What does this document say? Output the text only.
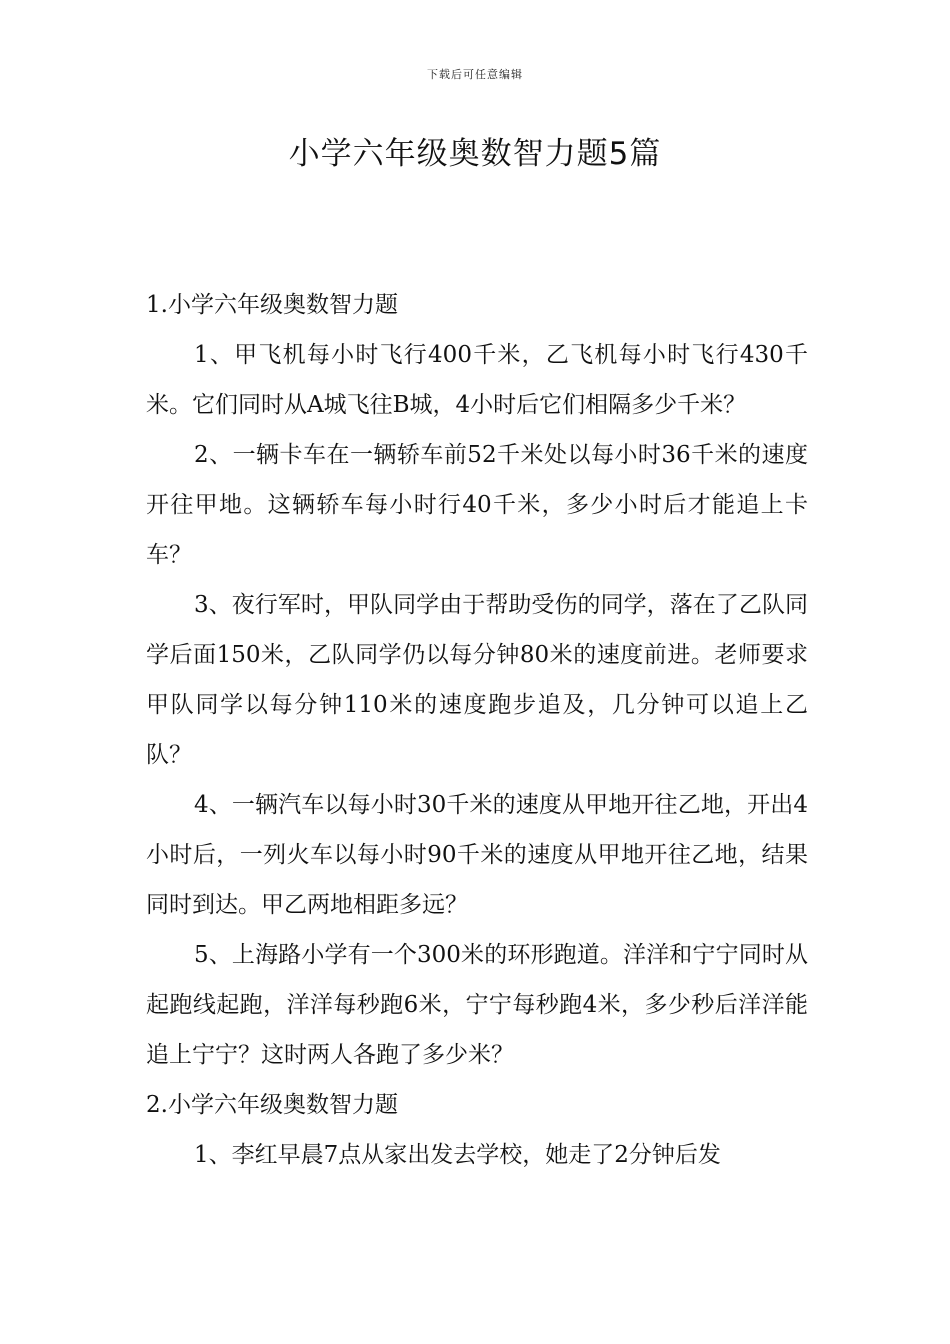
下载后可任意编辑
小学六年级奥数智力题5篇

1.小学六年级奥数智力题

1、甲飞机每小时飞行400千米，乙飞机每小时飞行430千米。它们同时从A城飞往B城，4小时后它们相隔多少千米？

2、一辆卡车在一辆轿车前52千米处以每小时36千米的速度开往甲地。这辆轿车每小时行40千米，多少小时后才能追上卡车？

3、夜行军时，甲队同学由于帮助受伤的同学，落在了乙队同学后面150米，乙队同学仍以每分钟80米的速度前进。老师要求甲队同学以每分钟110米的速度跑步追及，几分钟可以追上乙队？

4、一辆汽车以每小时30千米的速度从甲地开往乙地，开出4小时后，一列火车以每小时90千米的速度从甲地开往乙地，结果同时到达。甲乙两地相距多远？

5、上海路小学有一个300米的环形跑道。洋洋和宁宁同时从起跑线起跑，洋洋每秒跑6米，宁宁每秒跑4米，多少秒后洋洋能追上宁宁？这时两人各跑了多少米？

2.小学六年级奥数智力题

1、李红早晨7点从家出发去学校，她走了2分钟后发
